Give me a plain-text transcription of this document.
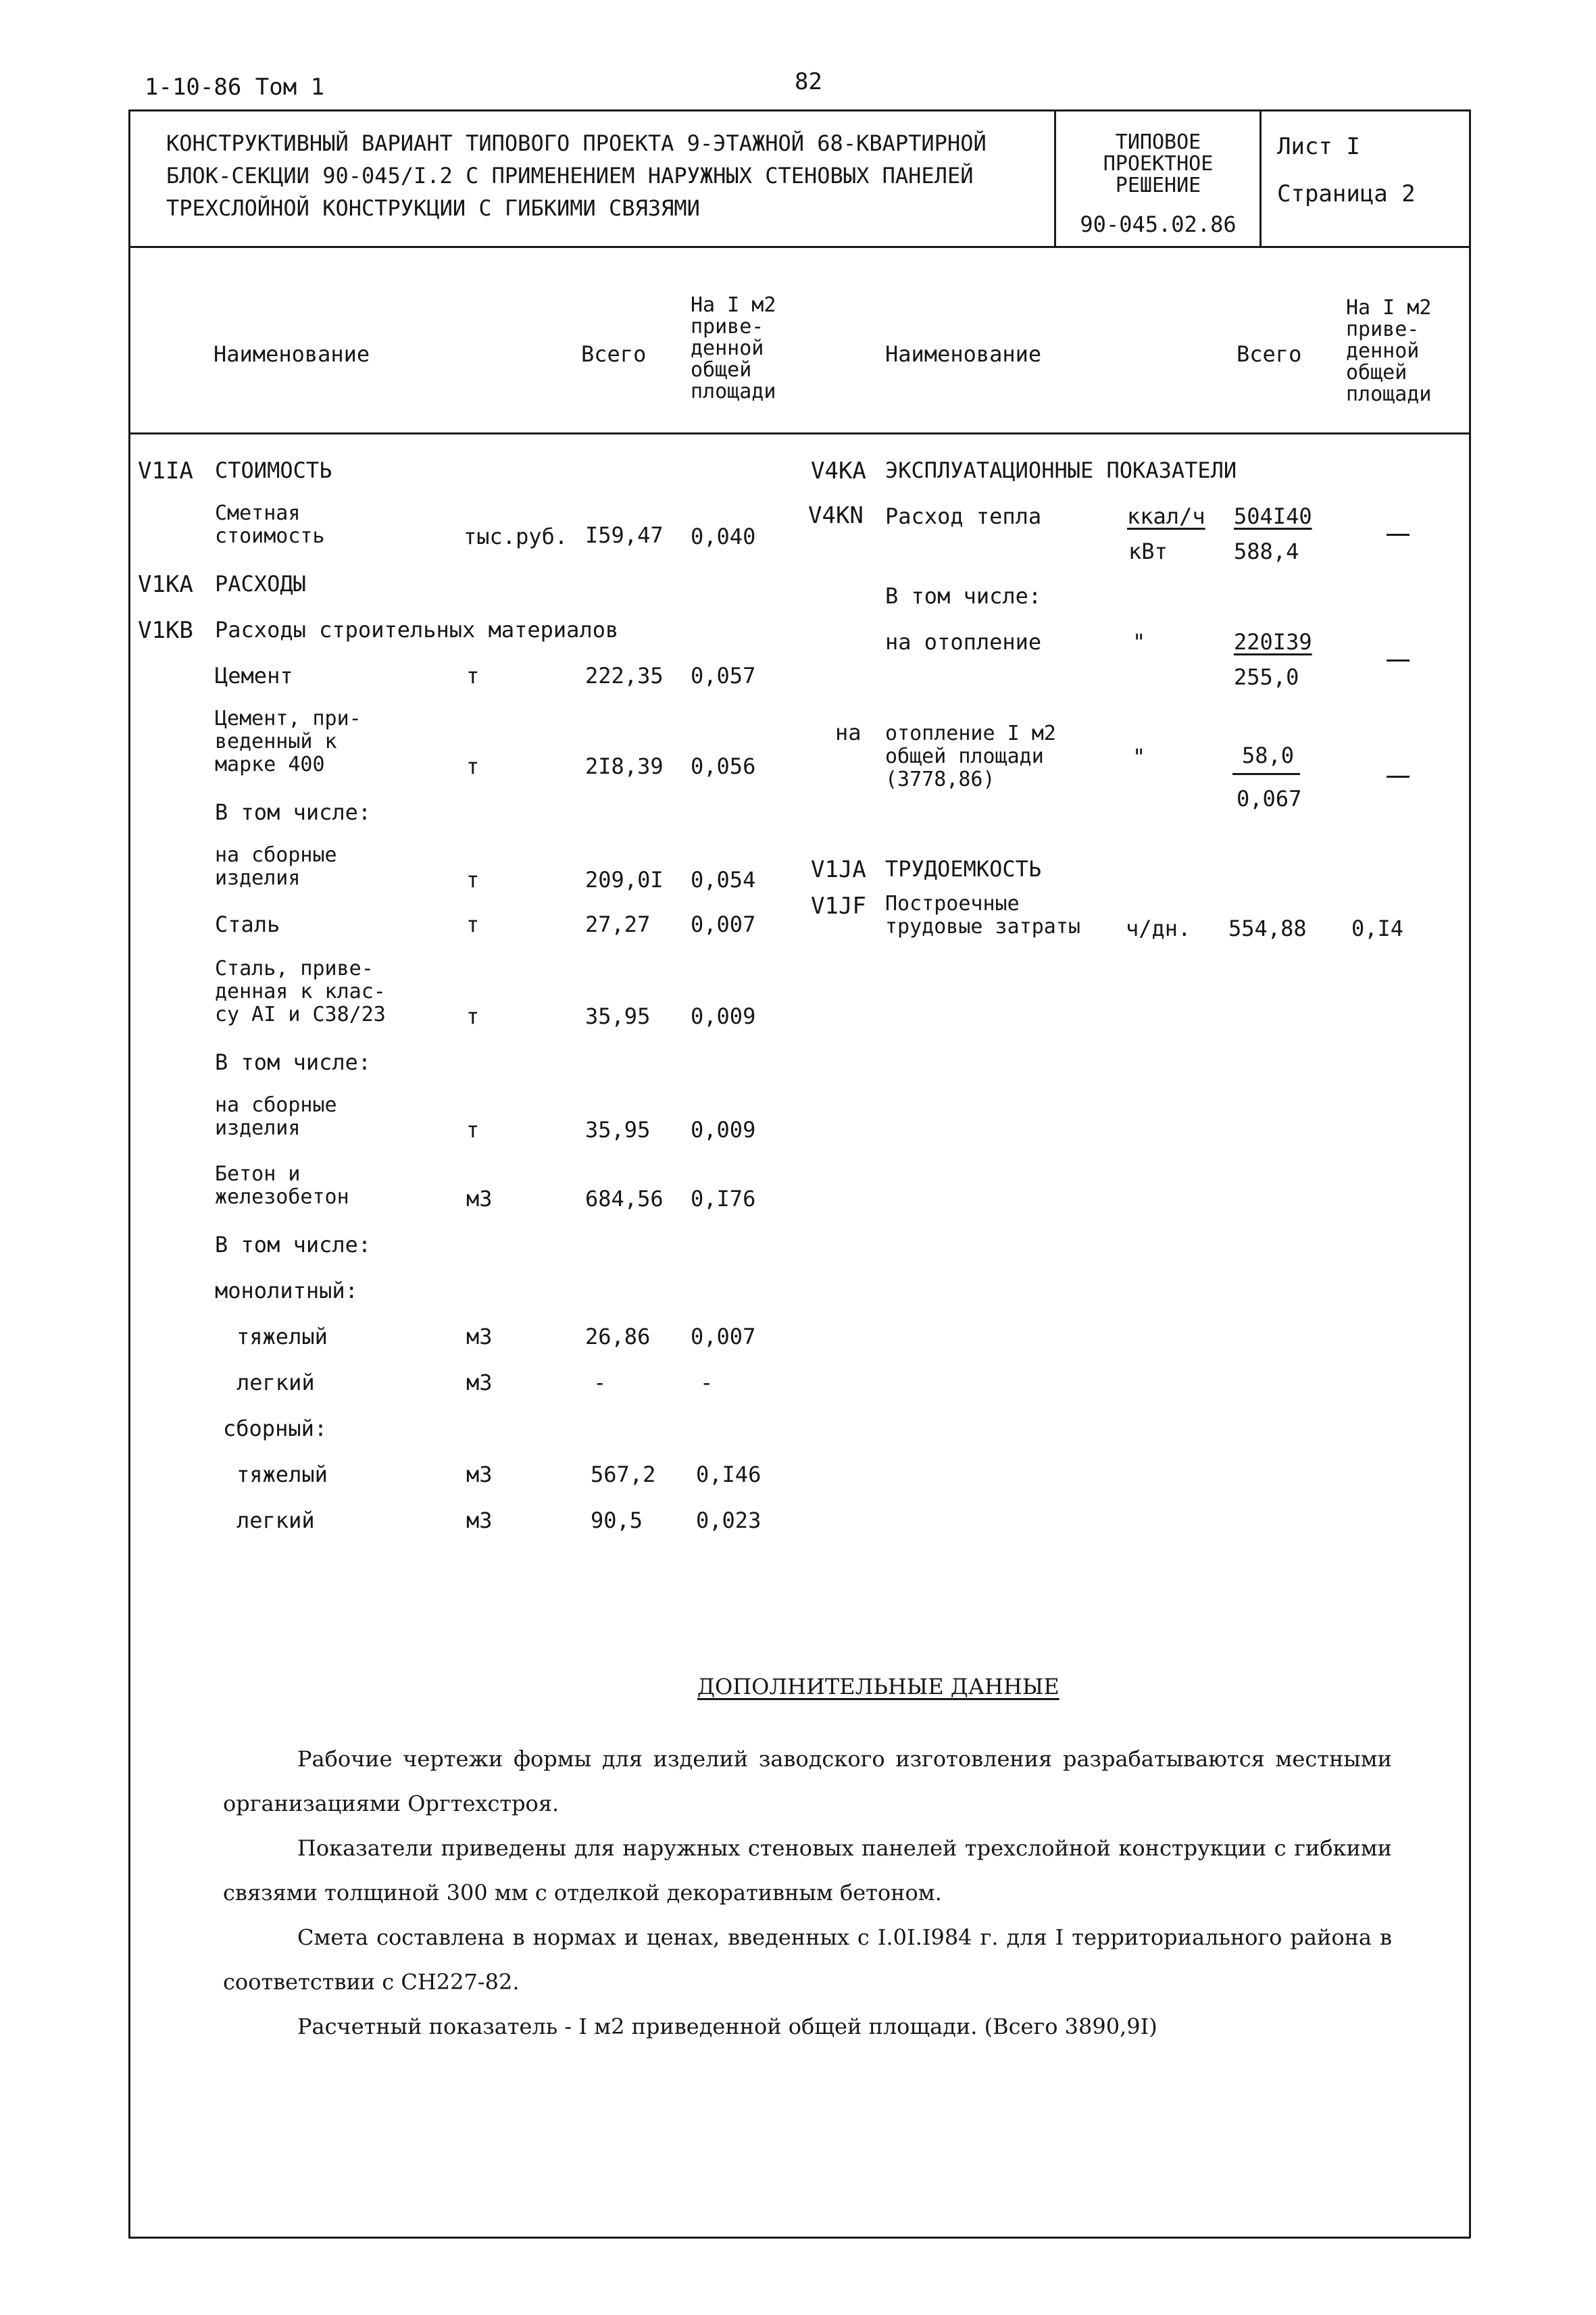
1-10-86 Том 1	82
КОНСТРУКТИВНЫЙ ВАРИАНТ ТИПОВОГО ПРОЕКТА 9-ЭТАЖНОЙ 68-КВАРТИРНОЙ
БЛОК-СЕКЦИИ 90-045/I.2 С ПРИМЕНЕНИЕМ НАРУЖНЫХ СТЕНОВЫХ ПАНЕЛЕЙ
ТРЕХСЛОЙНОЙ КОНСТРУКЦИИ С ГИБКИМИ СВЯЗЯМИ
ТИПОВОЕ
ПРОЕКТНОЕ
РЕШЕНИЕ
90-045.02.86
Лист I
Страница 2
Наименование	Всего
На I м2
приве-
денной
общей
площади
Наименование	Всего
На I м2
приве-
денной
общей
площади
V1IA СТОИМОСТЬ
Сметная
стоимость	тыс.руб. I59,47 0,040
V1KA РАСХОДЫ
V1KB Расходы строительных материалов
Цемент	т	222,35 0,057
Цемент, при-
веденный к
марке 400	т	2I8,39 0,056
В том числе:
на сборные
изделия	т	209,0I 0,054
Сталь	т	27,27 0,007
Сталь, приве-
денная к клас-
су АI и С38/23	т	35,95 0,009
В том числе:
на сборные
изделия	т	35,95 0,009
Бетон и
железобетон	м3	684,56 0,I76
В том числе:
монолитный:
тяжелый	м3	26,86 0,007
легкий	м3	-	-
сборный:
тяжелый	м3	567,2 0,I46
легкий	м3	90,5 0,023
V4KA ЭКСПЛУАТАЦИОННЫЕ ПОКАЗАТЕЛИ
V4KN Расход тепла	ккал/ч 504I40
кВт	588,4
В том числе:
на отопление	"	220I39
255,0
на отопление I м2
общей площади
(3778,86)
"	58,0
0,067
V1JA ТРУДОЕМКОСТЬ
V1JF Построечные
трудовые затраты ч/дн. 554,88 0,I4
ДОПОЛНИТЕЛЬНЫЕ ДАННЫЕ
Рабочие чертежи формы для изделий заводского изготовления разрабатываются местными организациями Оргтехстроя.
Показатели приведены для наружных стеновых панелей трехслойной конструкции с гибкими связями толщиной 300 мм с отделкой декоративным бетоном.
Смета составлена в нормах и ценах, введенных с I.0I.I984 г. для I территориального района в соответствии с СН227-82.
Расчетный показатель - I м2 приведенной общей площади. (Всего 3890,9I)
